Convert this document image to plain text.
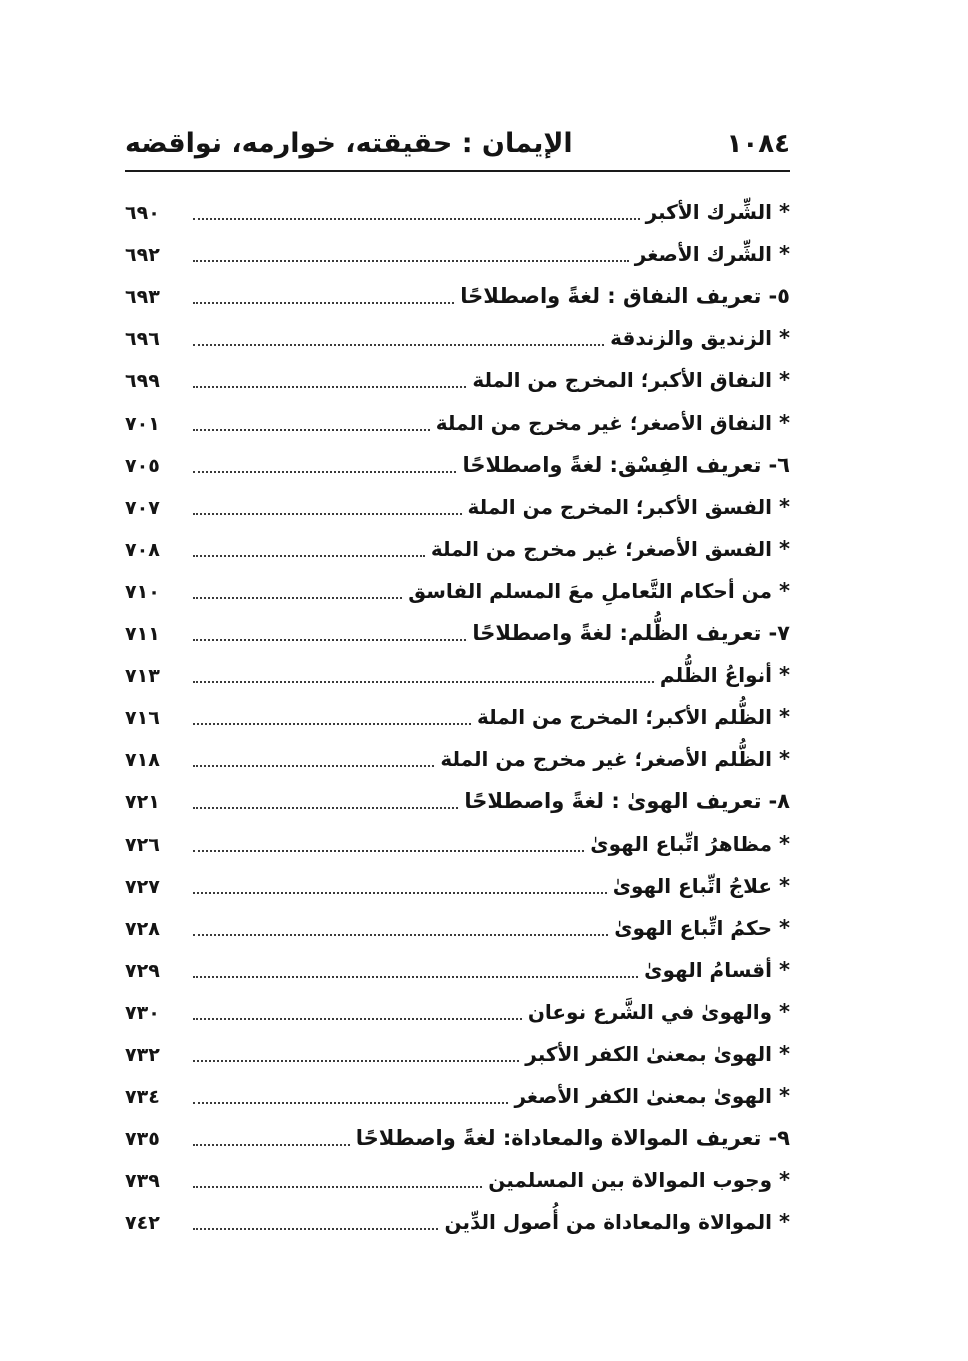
الإيمان : حقيقته، خوارمه، نواقضه	١٠٨٤
*
الشِّرك الأكبر
٦٩٠
*
الشِّرك الأصغر
٦٩٢
٥-
تعريف النفاق : لغةً واصطلاحًا
٦٩٣
*
الزنديق والزندقة
٦٩٦
*
النفاق الأكبر؛ المخرج من الملة
٦٩٩
*
النفاق الأصغر؛ غير مخرج من الملة
٧٠١
٦-
تعريف الفِسْق: لغةً واصطلاحًا
٧٠٥
*
الفسق الأكبر؛ المخرج من الملة
٧٠٧
*
الفسق الأصغر؛ غير مخرج من الملة
٧٠٨
*
من أحكام التَّعاملِ معَ المسلم الفاسق
٧١٠
٧-
تعريف الظُّلم: لغةً واصطلاحًا
٧١١
*
أنواعُ الظُّلم
٧١٣
*
الظُّلم الأكبر؛ المخرج من الملة
٧١٦
*
الظُّلم الأصغر؛ غير مخرج من الملة
٧١٨
٨-
تعريف الهوىٰ : لغةً واصطلاحًا
٧٢١
*
مظاهرُ اتِّباع الهوىٰ
٧٢٦
*
علاجُ اتِّباع الهوىٰ
٧٢٧
*
حكمُ اتِّباع الهوىٰ
٧٢٨
*
أقسامُ الهوىٰ
٧٢٩
*
والهوىٰ في الشَّرع نوعان
٧٣٠
*
الهوىٰ بمعنىٰ الكفر الأكبر
٧٣٢
*
الهوىٰ بمعنىٰ الكفر الأصغر
٧٣٤
٩-
تعريف الموالاة والمعاداة: لغةً واصطلاحًا
٧٣٥
*
وجوب الموالاة بين المسلمين
٧٣٩
*
الموالاة والمعاداة من أُصول الدِّين
٧٤٢
